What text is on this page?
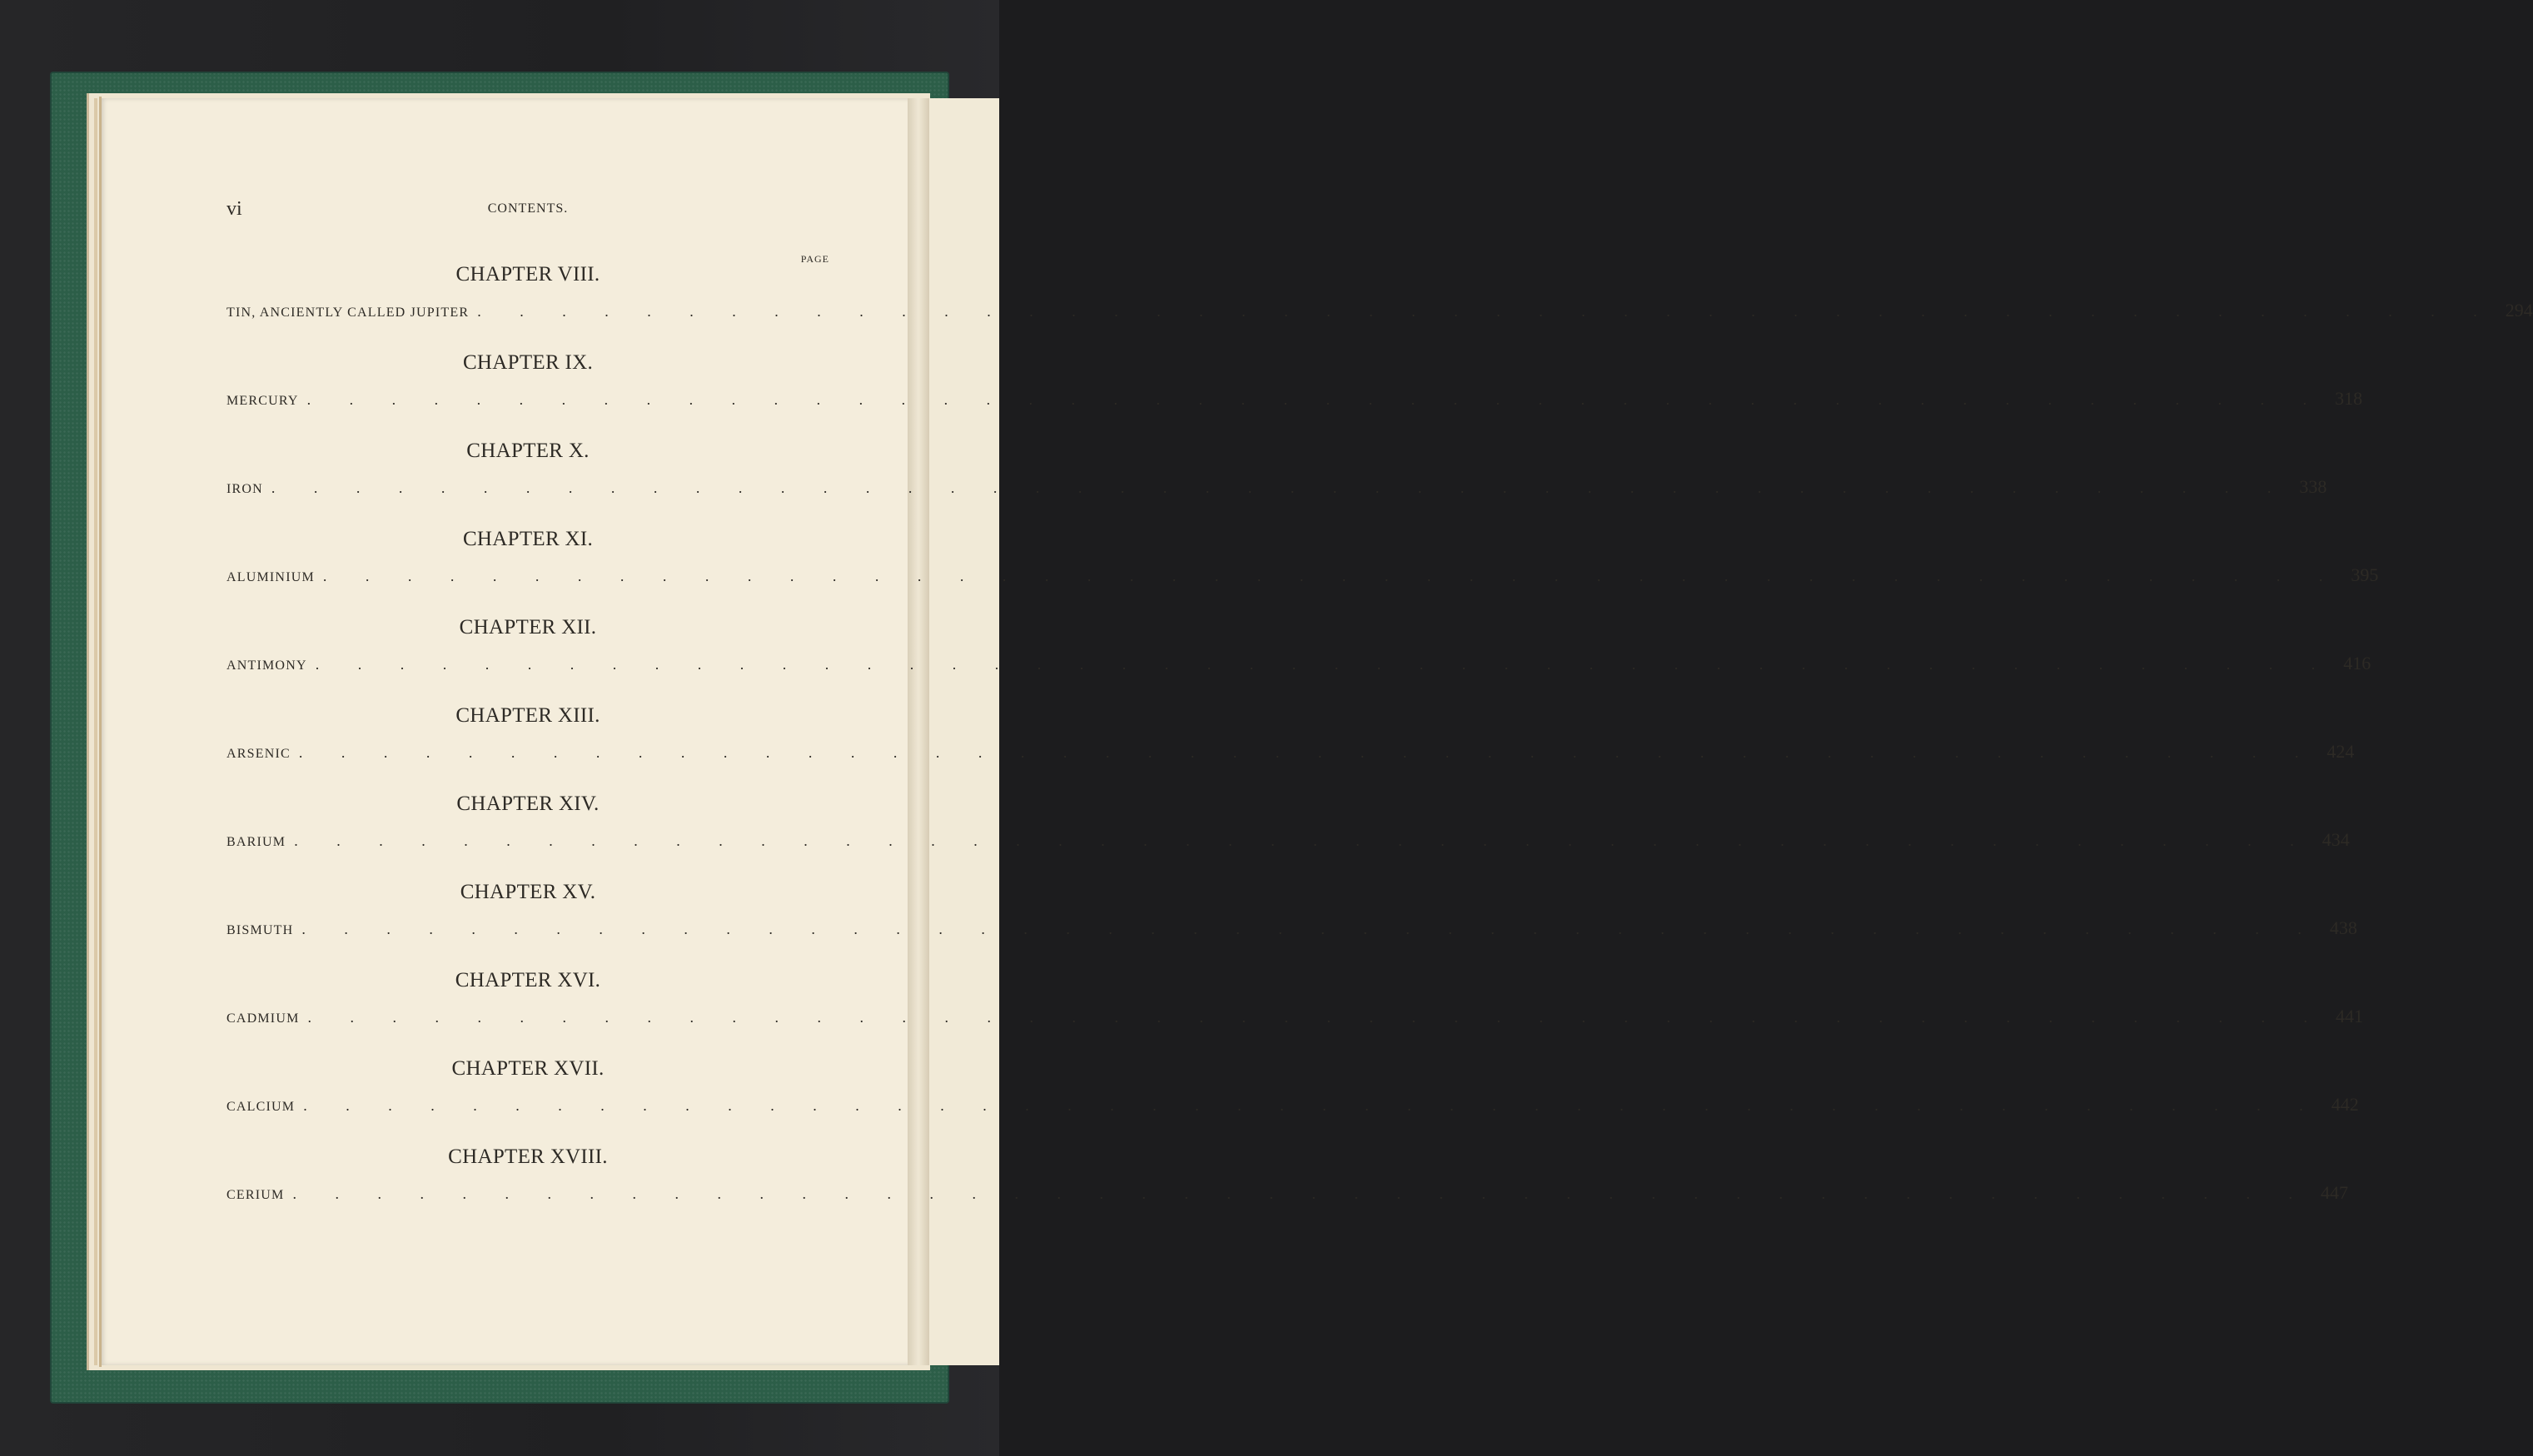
vi	CONTENTS.
PAGE
CHAPTER VIII.
TIN, ANCIENTLY CALLED JUPITER . . . . . . . . . . . . . . . . . . . . . . . . . . . . . . . . . . . . . . . . . . . . . . . . 294
CHAPTER IX.
MERCURY . . . . . . . . . . . . . . . . . . . . . . . . . . . . . . . . . . . . . . . . . . . . . . . . 318
CHAPTER X.
IRON . . . . . . . . . . . . . . . . . . . . . . . . . . . . . . . . . . . . . . . . . . . . . . . . 338
CHAPTER XI.
ALUMINIUM . . . . . . . . . . . . . . . . . . . . . . . . . . . . . . . . . . . . . . . . . . . . . . . . 395
CHAPTER XII.
ANTIMONY . . . . . . . . . . . . . . . . . . . . . . . . . . . . . . . . . . . . . . . . . . . . . . . . 416
CHAPTER XIII.
ARSENIC . . . . . . . . . . . . . . . . . . . . . . . . . . . . . . . . . . . . . . . . . . . . . . . . 424
CHAPTER XIV.
BARIUM . . . . . . . . . . . . . . . . . . . . . . . . . . . . . . . . . . . . . . . . . . . . . . . . 434
CHAPTER XV.
BISMUTH . . . . . . . . . . . . . . . . . . . . . . . . . . . . . . . . . . . . . . . . . . . . . . . . 438
CHAPTER XVI.
CADMIUM . . . . . . . . . . . . . . . . . . . . . . . . . . . . . . . . . . . . . . . . . . . . . . . . 441
CHAPTER XVII.
CALCIUM . . . . . . . . . . . . . . . . . . . . . . . . . . . . . . . . . . . . . . . . . . . . . . . . 442
CHAPTER XVIII.
CERIUM . . . . . . . . . . . . . . . . . . . . . . . . . . . . . . . . . . . . . . . . . . . . . . . . 447
